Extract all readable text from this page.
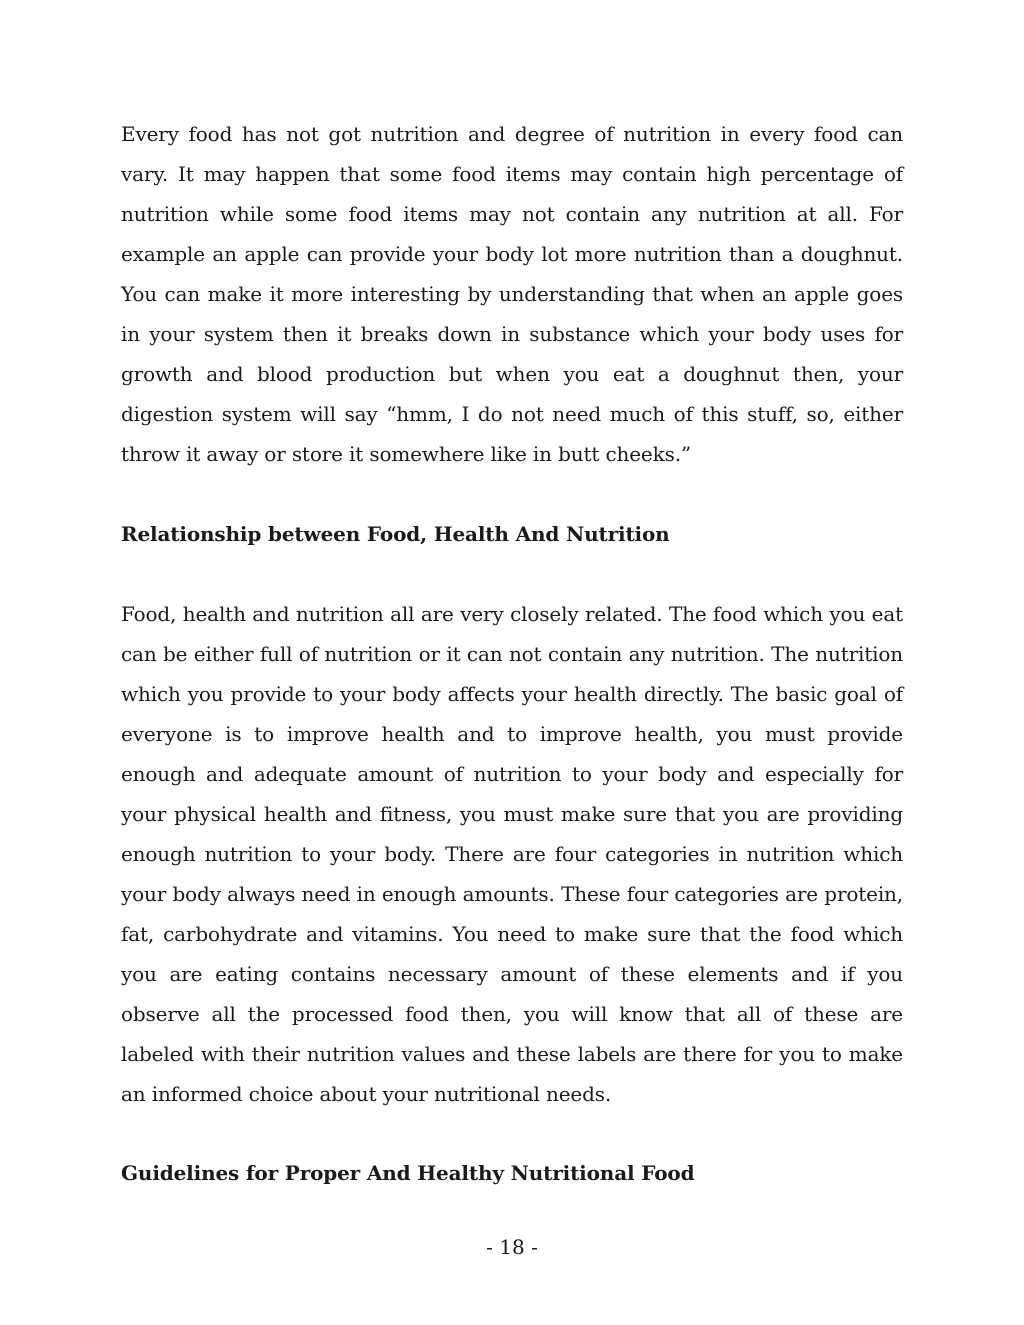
Every food has not got nutrition and degree of nutrition in every food can vary. It may happen that some food items may contain high percentage of nutrition while some food items may not contain any nutrition at all. For example an apple can provide your body lot more nutrition than a doughnut. You can make it more interesting by understanding that when an apple goes in your system then it breaks down in substance which your body uses for growth and blood production but when you eat a doughnut then, your digestion system will say “hmm, I do not need much of this stuff, so, either throw it away or store it somewhere like in butt cheeks.”

Relationship between Food, Health And Nutrition

Food, health and nutrition all are very closely related. The food which you eat can be either full of nutrition or it can not contain any nutrition. The nutrition which you provide to your body affects your health directly. The basic goal of everyone is to improve health and to improve health, you must provide enough and adequate amount of nutrition to your body and especially for your physical health and fitness, you must make sure that you are providing enough nutrition to your body. There are four categories in nutrition which your body always need in enough amounts. These four categories are protein, fat, carbohydrate and vitamins. You need to make sure that the food which you are eating contains necessary amount of these elements and if you observe all the processed food then, you will know that all of these are labeled with their nutrition values and these labels are there for you to make an informed choice about your nutritional needs.

Guidelines for Proper And Healthy Nutritional Food
- 18 -
